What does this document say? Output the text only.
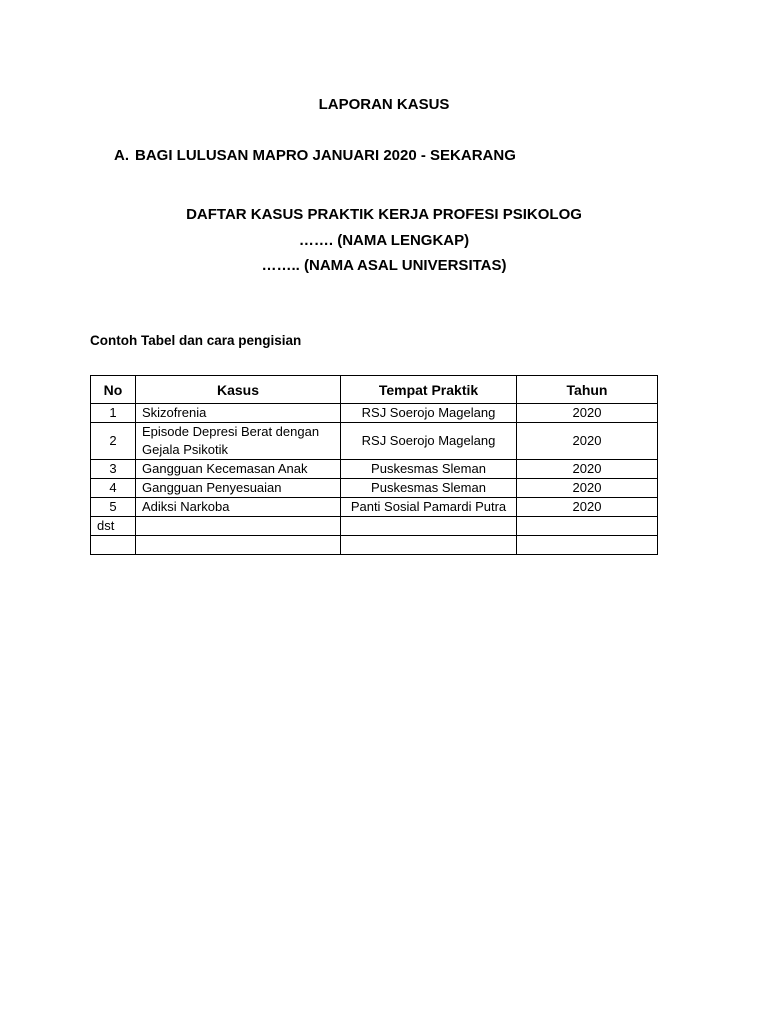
LAPORAN KASUS
A. BAGI LULUSAN MAPRO JANUARI 2020 - SEKARANG
DAFTAR KASUS PRAKTIK KERJA PROFESI PSIKOLOG
……. (NAMA LENGKAP)
…….. (NAMA ASAL UNIVERSITAS)
Contoh Tabel dan cara pengisian
No	Kasus	Tempat Praktik	Tahun
1	Skizofrenia	RSJ Soerojo Magelang	2020
2	Episode Depresi Berat dengan Gejala Psikotik	RSJ Soerojo Magelang	2020
3	Gangguan Kecemasan Anak	Puskesmas Sleman	2020
4	Gangguan Penyesuaian	Puskesmas Sleman	2020
5	Adiksi Narkoba	Panti Sosial Pamardi Putra	2020
dst			
